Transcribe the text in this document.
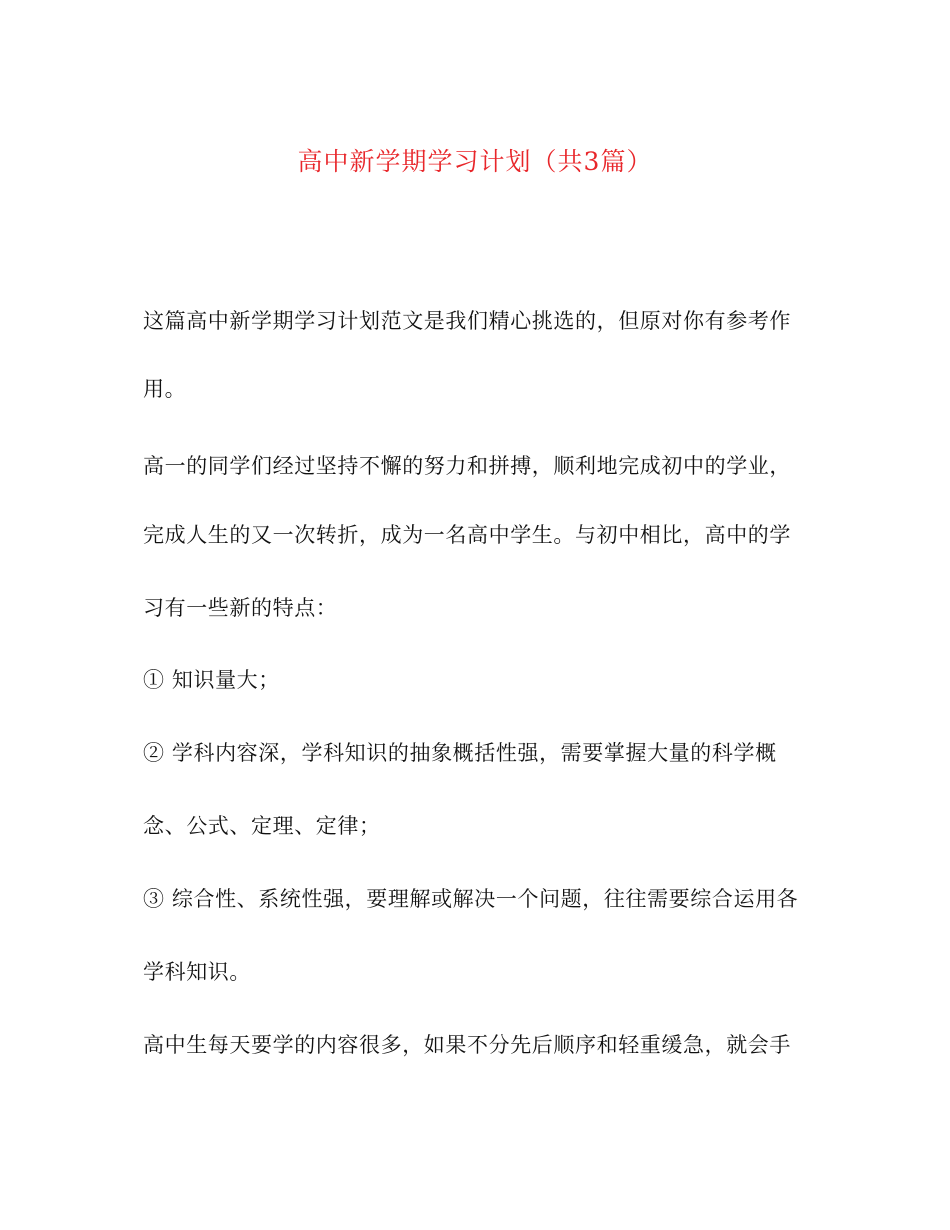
高中新学期学习计划（共3篇）
这篇高中新学期学习计划范文是我们精心挑选的，但原对你有参考作
用。
高一的同学们经过坚持不懈的努力和拼搏，顺利地完成初中的学业，
完成人生的又一次转折，成为一名高中学生。与初中相比，高中的学
习有一些新的特点：
① 知识量大；
② 学科内容深，学科知识的抽象概括性强，需要掌握大量的科学概
念、公式、定理、定律；
③ 综合性、系统性强，要理解或解决一个问题，往往需要综合运用各
学科知识。
高中生每天要学的内容很多，如果不分先后顺序和轻重缓急，就会手
